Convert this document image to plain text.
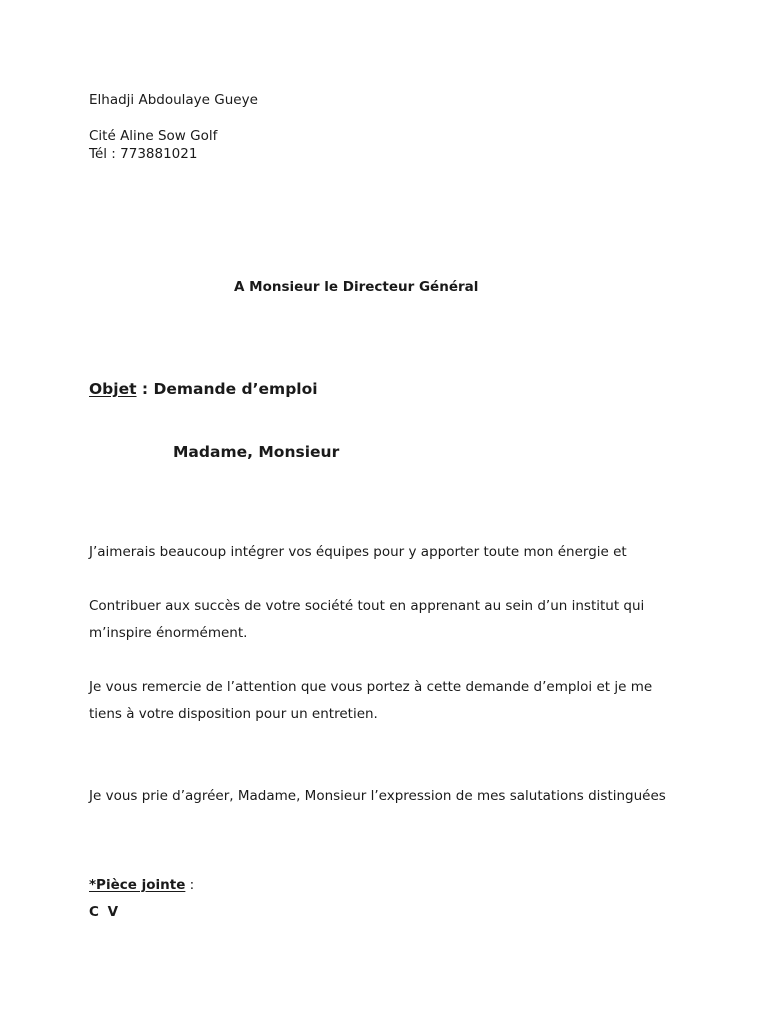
Elhadji Abdoulaye Gueye
Cité Aline Sow Golf
Tél : 773881021
A Monsieur le Directeur Général
Objet : Demande d’emploi
Madame, Monsieur
J’aimerais beaucoup intégrer vos équipes pour y apporter toute mon énergie et
Contribuer aux succès de votre société tout en apprenant au sein d’un institut qui
m’inspire énormément.
Je vous remercie de l’attention que vous portez à cette demande d’emploi et je me
tiens à votre disposition pour un entretien.
Je vous prie d’agréer, Madame, Monsieur l’expression de mes salutations distinguées
*Pièce jointe :
C V
